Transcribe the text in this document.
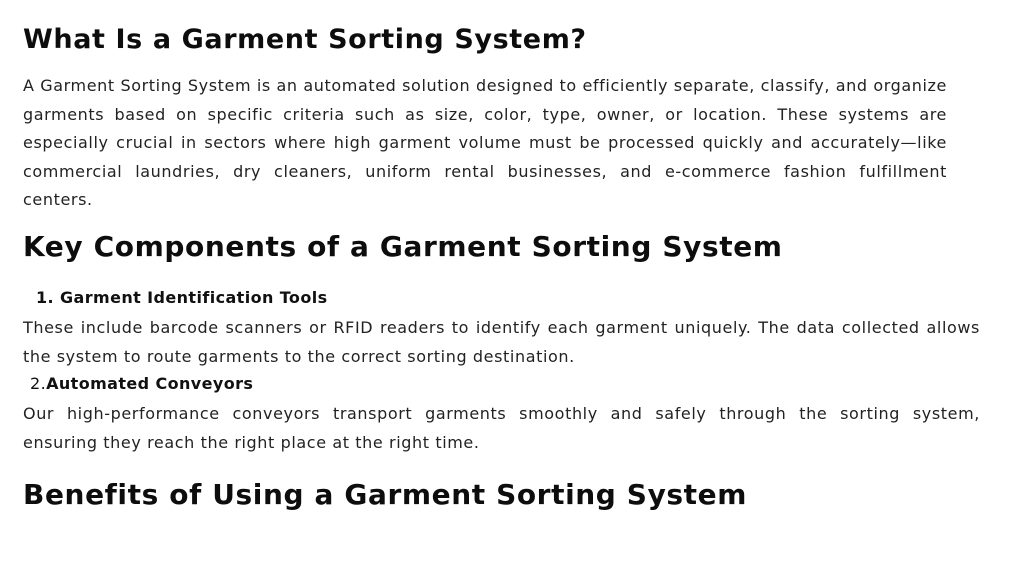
What Is a Garment Sorting System?

A Garment Sorting System is an automated solution designed to efficiently separate, classify, and organize garments based on specific criteria such as size, color, type, owner, or location. These systems are especially crucial in sectors where high garment volume must be processed quickly and accurately—like commercial laundries, dry cleaners, uniform rental businesses, and e-commerce fashion fulfillment centers.

Key Components of a Garment Sorting System
1. Garment Identification Tools

These include barcode scanners or RFID readers to identify each garment uniquely. The data collected allows the system to route garments to the correct sorting destination.

2.Automated Conveyors

Our high-performance conveyors transport garments smoothly and safely through the sorting system, ensuring they reach the right place at the right time.

Benefits of Using a Garment Sorting System
